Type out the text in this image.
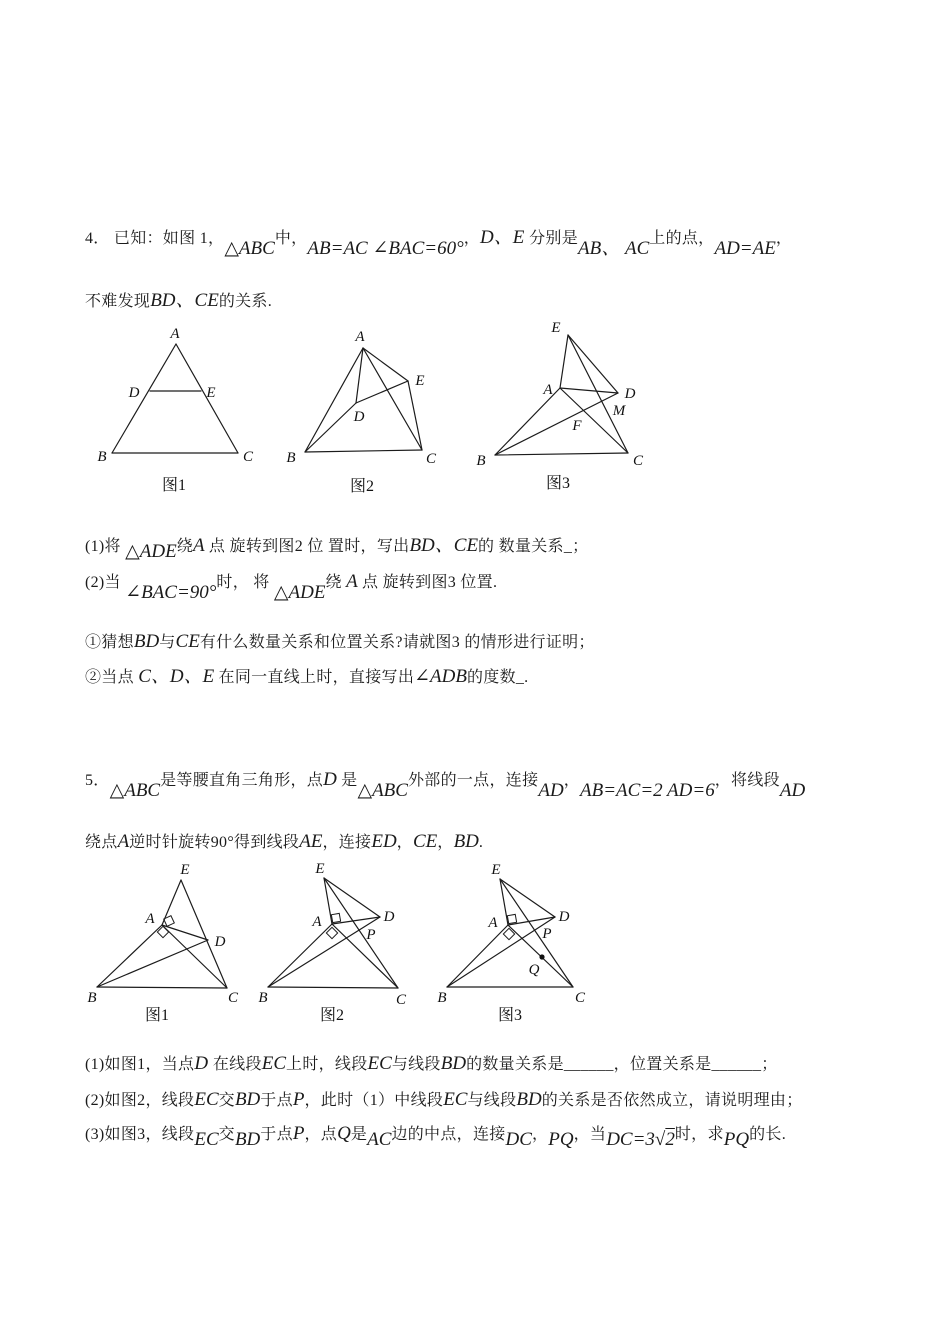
4． 已知：如图 1，△ABC中，AB=AC ∠BAC=60°，D、E 分别是AB、 AC上的点，AD=AE，
不难发现BD、CE的关系.
A
D	E
B	C
图1
A
B	C
D
E
图2
E
A	D
M
F
B	C
图3
(1)将 △ADE绕A 点 旋转到图2 位 置时，写出BD、CE的 数量关系_；
(2)当 ∠BAC=90°时， 将 △ADE绕 A 点 旋转到图3 位置.
①猜想BD与CE有什么数量关系和位置关系?请就图3 的情形进行证明；
②当点 C、D、E 在同一直线上时，直接写出∠ADB的度数_.
5．△ABC是等腰直角三角形，点D 是△ABC外部的一点，连接AD，AB=AC=2 AD=6，将线段AD
绕点A逆时针旋转90°得到线段AE，连接ED，CE，BD.
E
A
D
B	C
图1
E
A	D
P
B	C
图2
E
A	D
P
Q
B	C
图3
(1)如图1，当点D 在线段EC上时，线段EC与线段BD的数量关系是______，位置关系是______；
(2)如图2，线段EC交BD于点P，此时（1）中线段EC与线段BD的关系是否依然成立，请说明理由；
(3)如图3，线段EC交BD于点P，点Q是AC边的中点，连接DC，PQ，当DC=3√2时，求PQ的长.
